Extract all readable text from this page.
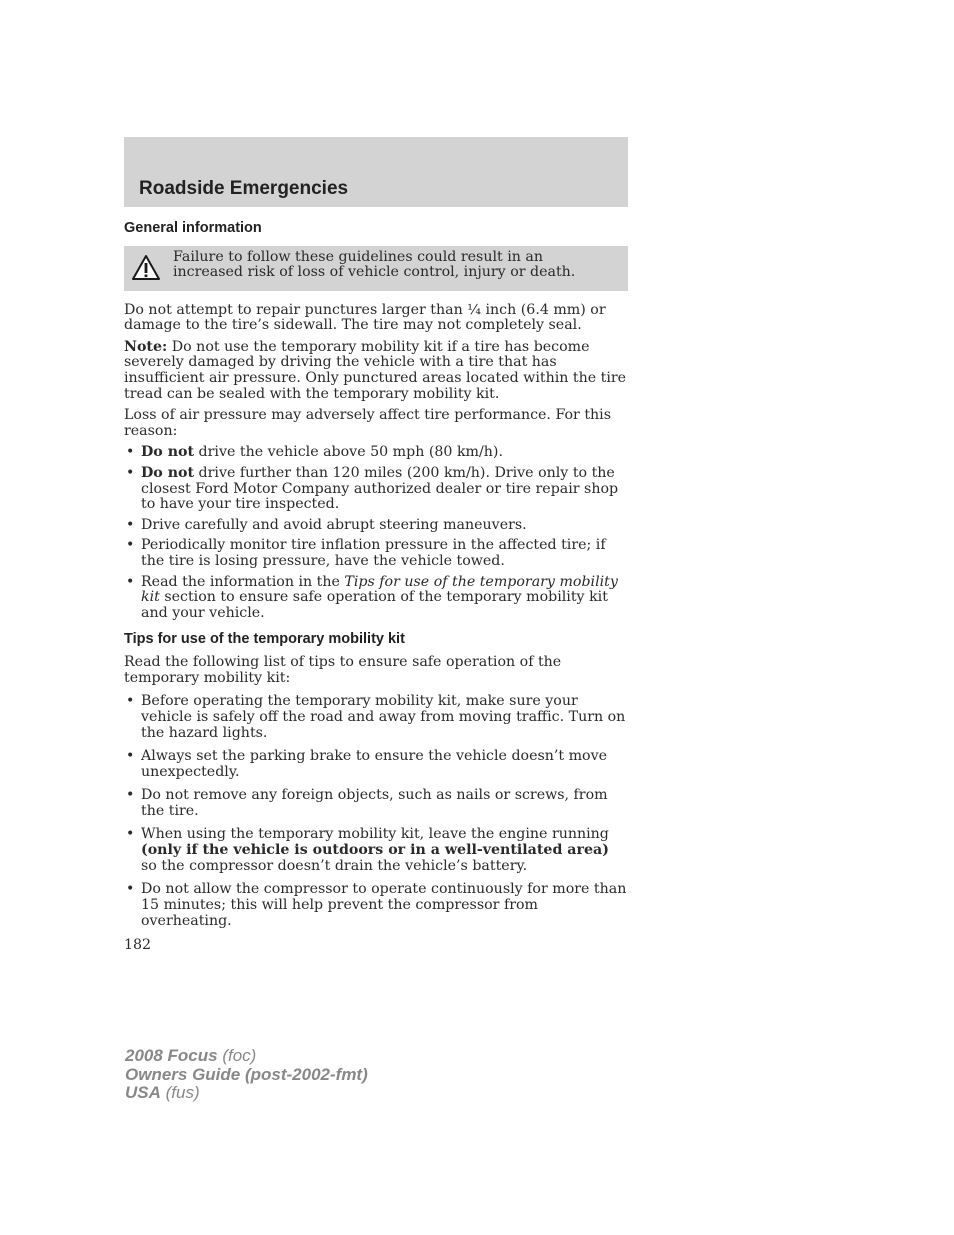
Roadside Emergencies
General information

Failure to follow these guidelines could result in an increased risk of loss of vehicle control, injury or death.

Do not attempt to repair punctures larger than ¼ inch (6.4 mm) or damage to the tire’s sidewall. The tire may not completely seal.

Note: Do not use the temporary mobility kit if a tire has become severely damaged by driving the vehicle with a tire that has insufficient air pressure. Only punctured areas located within the tire tread can be sealed with the temporary mobility kit.

Loss of air pressure may adversely affect tire performance. For this reason:

• Do not drive the vehicle above 50 mph (80 km/h).
• Do not drive further than 120 miles (200 km/h). Drive only to the closest Ford Motor Company authorized dealer or tire repair shop to have your tire inspected.
• Drive carefully and avoid abrupt steering maneuvers.
• Periodically monitor tire inflation pressure in the affected tire; if the tire is losing pressure, have the vehicle towed.
• Read the information in the Tips for use of the temporary mobility kit section to ensure safe operation of the temporary mobility kit and your vehicle.
Tips for use of the temporary mobility kit

Read the following list of tips to ensure safe operation of the temporary mobility kit:

• Before operating the temporary mobility kit, make sure your vehicle is safely off the road and away from moving traffic. Turn on the hazard lights.
• Always set the parking brake to ensure the vehicle doesn’t move unexpectedly.
• Do not remove any foreign objects, such as nails or screws, from the tire.
• When using the temporary mobility kit, leave the engine running (only if the vehicle is outdoors or in a well-ventilated area) so the compressor doesn’t drain the vehicle’s battery.
• Do not allow the compressor to operate continuously for more than 15 minutes; this will help prevent the compressor from overheating.
182
2008 Focus (foc)
Owners Guide (post-2002-fmt)
USA (fus)
